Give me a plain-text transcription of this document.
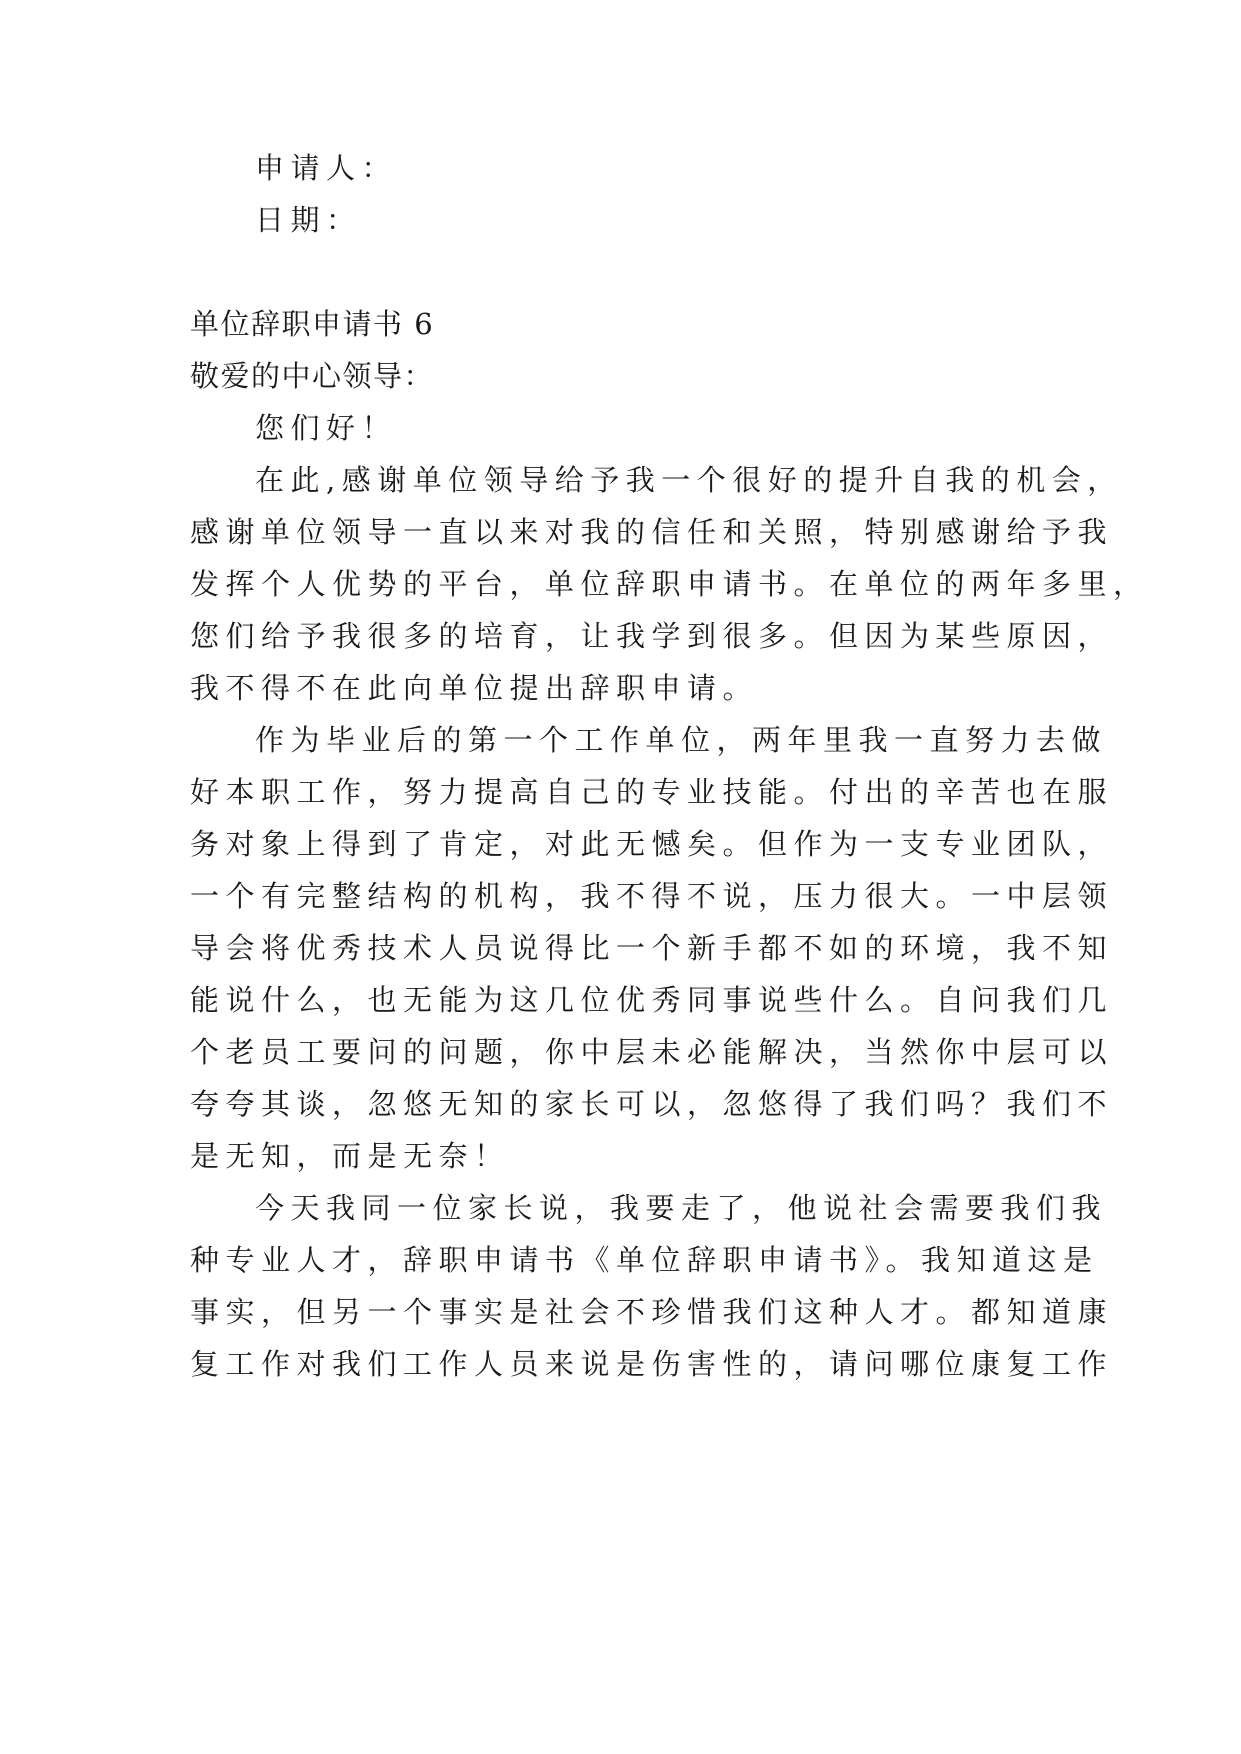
申请人：
日期：
单位辞职申请书 6
敬爱的中心领导：
您们好！
在此,感谢单位领导给予我一个很好的提升自我的机会，
感谢单位领导一直以来对我的信任和关照，特别感谢给予我
发挥个人优势的平台，单位辞职申请书。在单位的两年多里，
您们给予我很多的培育，让我学到很多。但因为某些原因，
我不得不在此向单位提出辞职申请。
作为毕业后的第一个工作单位，两年里我一直努力去做
好本职工作，努力提高自己的专业技能。付出的辛苦也在服
务对象上得到了肯定，对此无憾矣。但作为一支专业团队，
一个有完整结构的机构，我不得不说，压力很大。一中层领
导会将优秀技术人员说得比一个新手都不如的环境，我不知
能说什么，也无能为这几位优秀同事说些什么。自问我们几
个老员工要问的问题，你中层未必能解决，当然你中层可以
夸夸其谈，忽悠无知的家长可以，忽悠得了我们吗？我们不
是无知，而是无奈！
今天我同一位家长说，我要走了，他说社会需要我们我
种专业人才，辞职申请书《单位辞职申请书》。我知道这是
事实，但另一个事实是社会不珍惜我们这种人才。都知道康
复工作对我们工作人员来说是伤害性的，请问哪位康复工作
